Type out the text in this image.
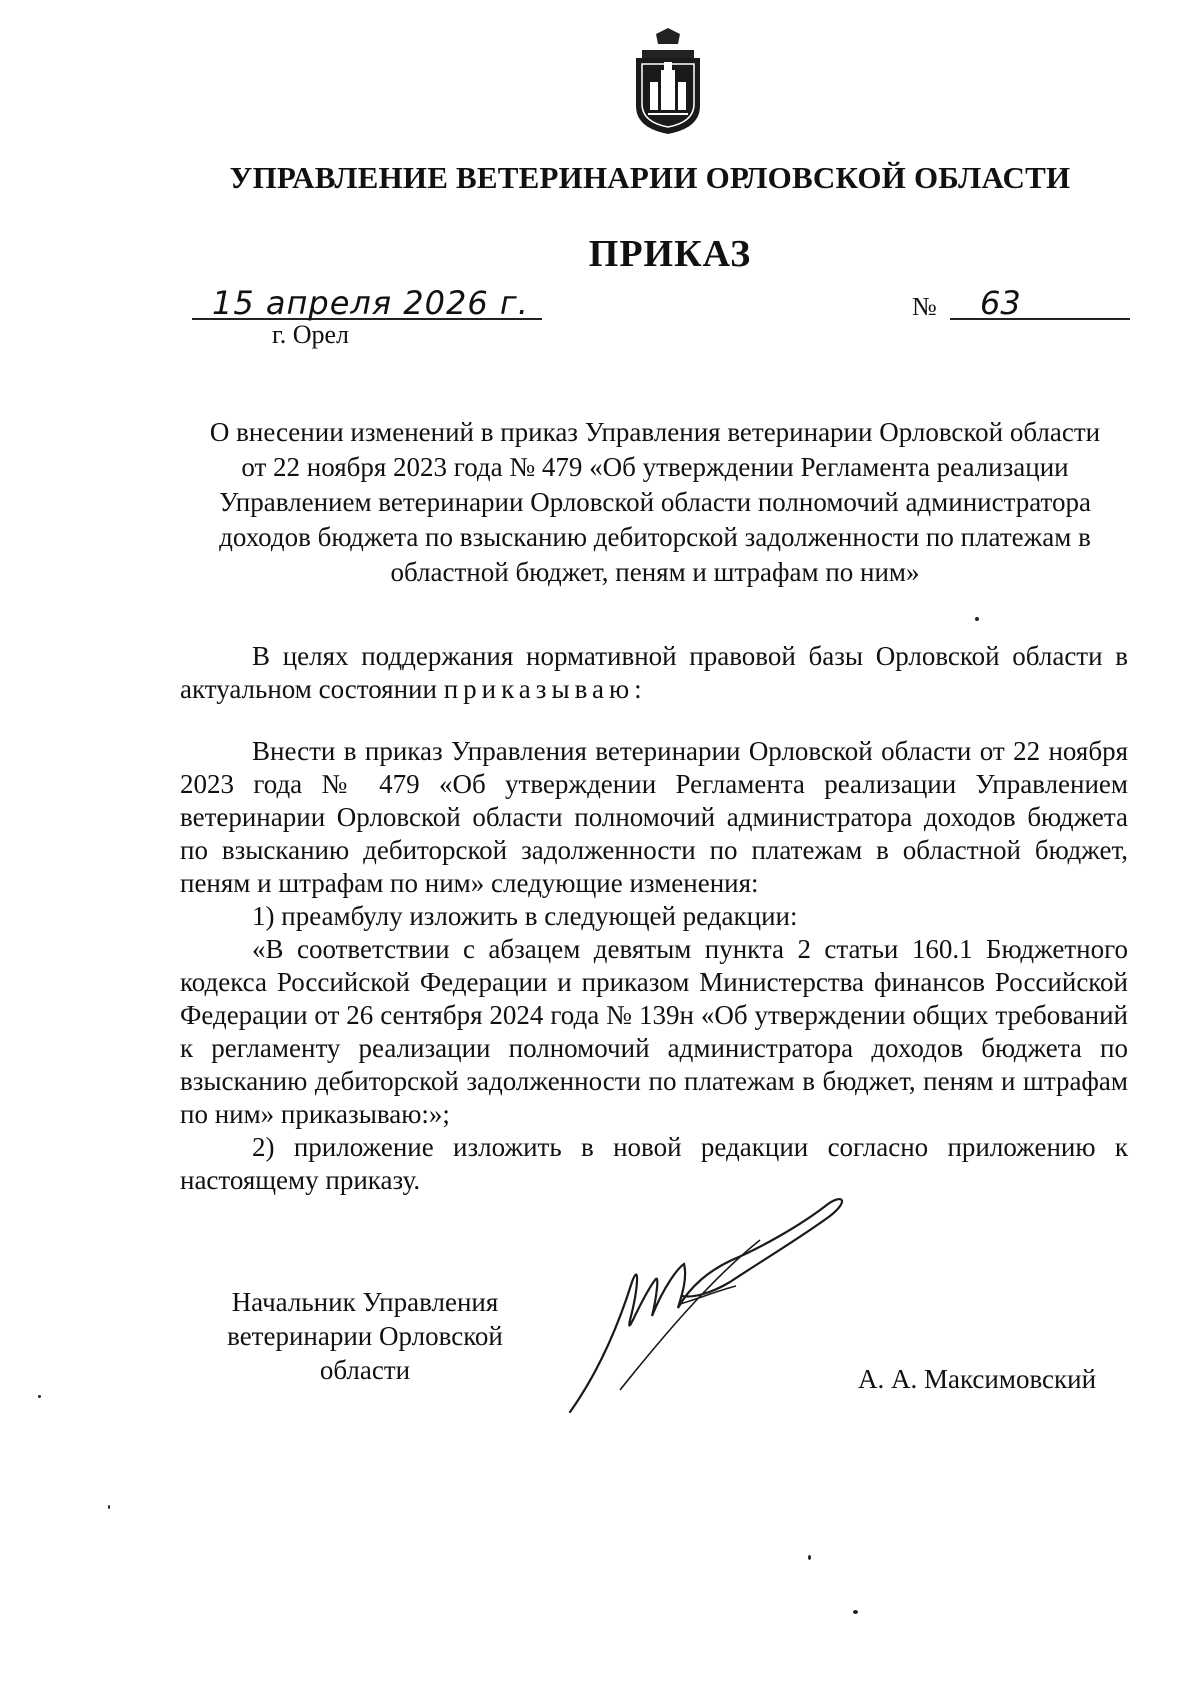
УПРАВЛЕНИЕ ВЕТЕРИНАРИИ ОРЛОВСКОЙ ОБЛАСТИ
ПРИКАЗ
15 апреля 2026 г.
г. Орел
№ 63
О внесении изменений в приказ Управления ветеринарии Орловской области
от 22 ноября 2023 года № 479 «Об утверждении Регламента реализации
Управлением ветеринарии Орловской области полномочий администратора
доходов бюджета по взысканию дебиторской задолженности по платежам в
областной бюджет, пеням и штрафам по ним»

В целях поддержания нормативной правовой базы Орловской области в актуальном состоянии приказываю:

Внести в приказ Управления ветеринарии Орловской области от 22 ноября 2023 года № 479 «Об утверждении Регламента реализации Управлением ветеринарии Орловской области полномочий администратора доходов бюджета по взысканию дебиторской задолженности по платежам в областной бюджет, пеням и штрафам по ним» следующие изменения:

1) преамбулу изложить в следующей редакции:

«В соответствии с абзацем девятым пункта 2 статьи 160.1 Бюджетного кодекса Российской Федерации и приказом Министерства финансов Российской Федерации от 26 сентября 2024 года № 139н «Об утверждении общих требований к регламенту реализации полномочий администратора доходов бюджета по взысканию дебиторской задолженности по платежам в бюджет, пеням и штрафам по ним» приказываю:»;

2) приложение изложить в новой редакции согласно приложению к настоящему приказу.

Начальник Управления
ветеринарии Орловской
области	А. А. Максимовский
